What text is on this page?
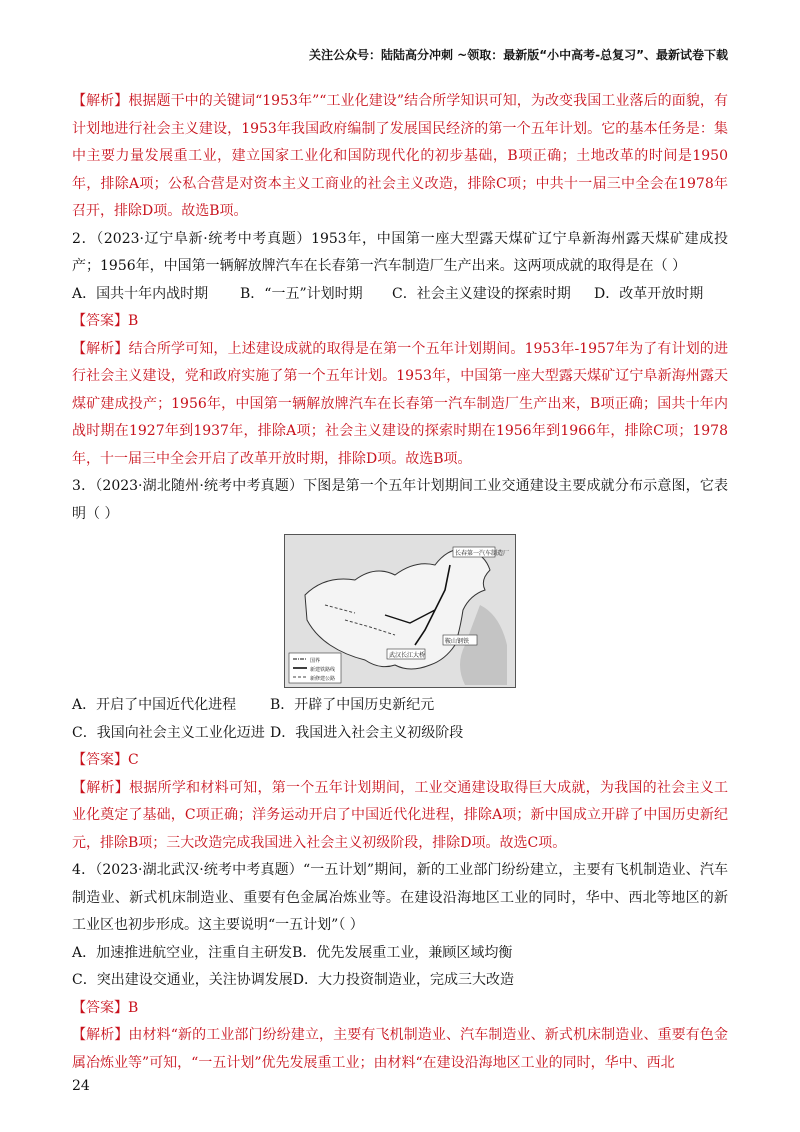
关注公众号：陆陆高分冲刺 ~领取：最新版“小中高考-总复习”、最新试卷下载

【解析】根据题干中的关键词“1953年”“工业化建设”结合所学知识可知，为改变我国工业落后的面貌，有计划地进行社会主义建设，1953年我国政府编制了发展国民经济的第一个五年计划。它的基本任务是：集中主要力量发展重工业，建立国家工业化和国防现代化的初步基础，B项正确；土地改革的时间是1950年，排除A项；公私合营是对资本主义工商业的社会主义改造，排除C项；中共十一届三中全会在1978年召开，排除D项。故选B项。

2．（2023·辽宁阜新·统考中考真题）1953年，中国第一座大型露天煤矿辽宁阜新海州露天煤矿建成投产；1956年，中国第一辆解放牌汽车在长春第一汽车制造厂生产出来。这两项成就的取得是在（ ）

A．国共十年内战时期	B．“一五”计划时期	C．社会主义建设的探索时期	D．改革开放时期

【答案】B

【解析】结合所学可知，上述建设成就的取得是在第一个五年计划期间。1953年-1957年为了有计划的进行社会主义建设，党和政府实施了第一个五年计划。1953年，中国第一座大型露天煤矿辽宁阜新海州露天煤矿建成投产；1956年，中国第一辆解放牌汽车在长春第一汽车制造厂生产出来，B项正确；国共十年内战时期在1927年到1937年，排除A项；社会主义建设的探索时期在1956年到1966年，排除C项；1978年，十一届三中全会开启了改革开放时期，排除D项。故选B项。

3．（2023·湖北随州·统考中考真题）下图是第一个五年计划期间工业交通建设主要成就分布示意图，它表明（ ）

长春第一汽车制造厂
武汉长江大桥
鞍山钢铁
国界
新建铁路线
新修建公路
A．开启了中国近代化进程	B．开辟了中国历史新纪元
C．我国向社会主义工业化迈进 D．我国进入社会主义初级阶段

【答案】C

【解析】根据所学和材料可知，第一个五年计划期间，工业交通建设取得巨大成就，为我国的社会主义工业化奠定了基础，C项正确；洋务运动开启了中国近代化进程，排除A项；新中国成立开辟了中国历史新纪元，排除B项；三大改造完成我国进入社会主义初级阶段，排除D项。故选C项。

4．（2023·湖北武汉·统考中考真题）“一五计划”期间，新的工业部门纷纷建立，主要有飞机制造业、汽车制造业、新式机床制造业、重要有色金属冶炼业等。在建设沿海地区工业的同时，华中、西北等地区的新工业区也初步形成。这主要说明“一五计划”（ ）

A．加速推进航空业，注重自主研发 B．优先发展重工业，兼顾区域均衡
C．突出建设交通业，关注协调发展 D．大力投资制造业，完成三大改造

【答案】B

【解析】由材料“新的工业部门纷纷建立，主要有飞机制造业、汽车制造业、新式机床制造业、重要有色金属冶炼业等”可知，“一五计划”优先发展重工业；由材料“在建设沿海地区工业的同时，华中、西北

24
